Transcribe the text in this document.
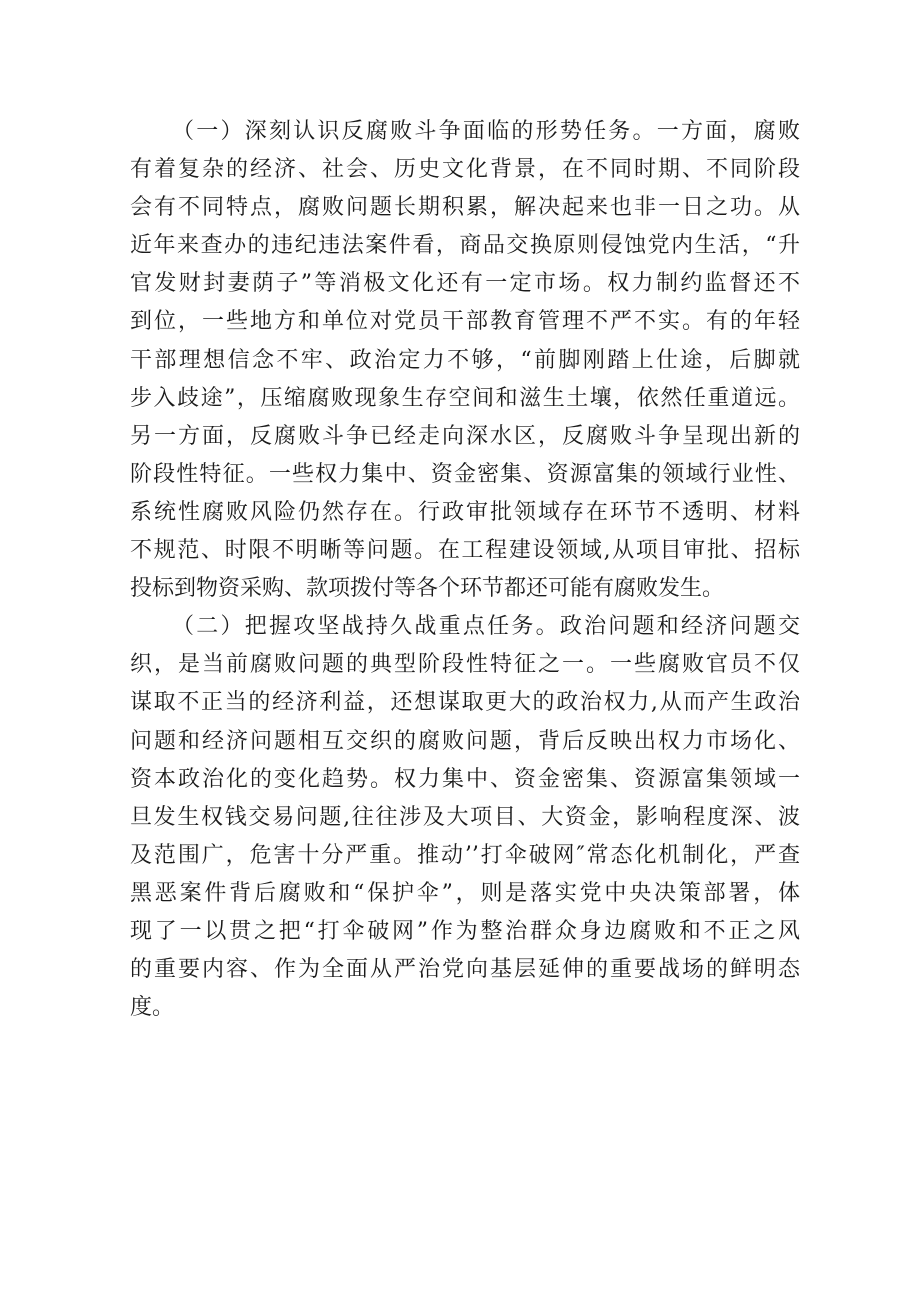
（一）深刻认识反腐败斗争面临的形势任务。一方面，腐败
有着复杂的经济、社会、历史文化背景，在不同时期、不同阶段
会有不同特点，腐败问题长期积累，解决起来也非一日之功。从
近年来查办的违纪违法案件看，商品交换原则侵蚀党内生活，“升
官发财封妻荫子”等消极文化还有一定市场。权力制约监督还不
到位，一些地方和单位对党员干部教育管理不严不实。有的年轻
干部理想信念不牢、政治定力不够，“前脚刚踏上仕途，后脚就
步入歧途”，压缩腐败现象生存空间和滋生土壤，依然任重道远。
另一方面，反腐败斗争已经走向深水区，反腐败斗争呈现出新的
阶段性特征。一些权力集中、资金密集、资源富集的领域行业性、
系统性腐败风险仍然存在。行政审批领域存在环节不透明、材料
不规范、时限不明晰等问题。在工程建设领域,从项目审批、招标
投标到物资采购、款项拨付等各个环节都还可能有腐败发生。

（二）把握攻坚战持久战重点任务。政治问题和经济问题交
织，是当前腐败问题的典型阶段性特征之一。一些腐败官员不仅
谋取不正当的经济利益，还想谋取更大的政治权力,从而产生政治
问题和经济问题相互交织的腐败问题，背后反映出权力市场化、
资本政治化的变化趋势。权力集中、资金密集、资源富集领域一
旦发生权钱交易问题,往往涉及大项目、大资金，影响程度深、波
及范围广，危害十分严重。推动’’打伞破网″常态化机制化，严查
黑恶案件背后腐败和“保护伞”，则是落实党中央决策部署，体
现了一以贯之把“打伞破网”作为整治群众身边腐败和不正之风
的重要内容、作为全面从严治党向基层延伸的重要战场的鲜明态
度。
